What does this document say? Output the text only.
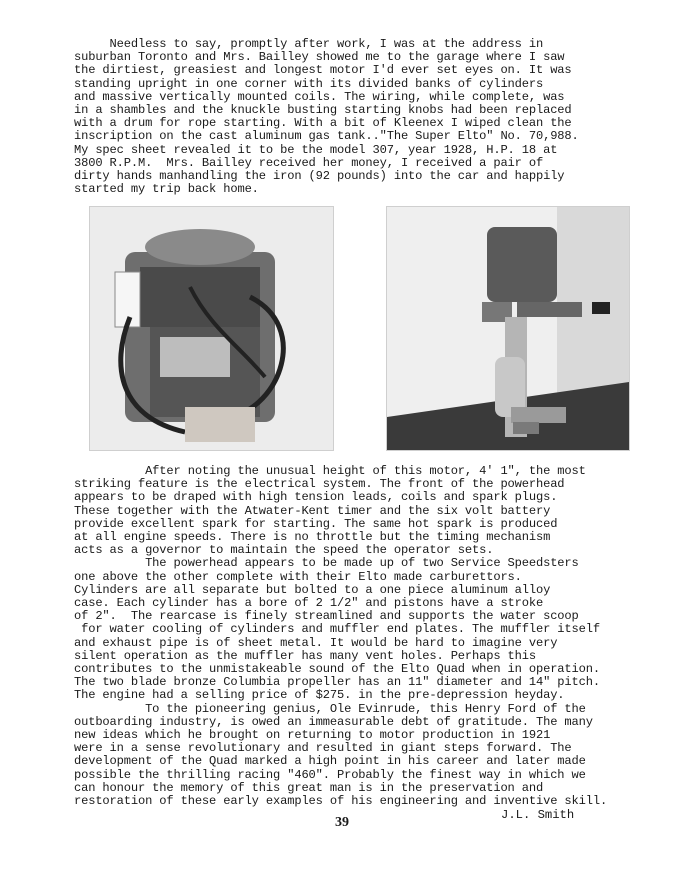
Needless to say, promptly after work, I was at the address in
suburban Toronto and Mrs. Bailley showed me to the garage where I saw
the dirtiest, greasiest and longest motor I'd ever set eyes on. It was
standing upright in one corner with its divided banks of cylinders
and massive vertically mounted coils. The wiring, while complete, was
in a shambles and the knuckle busting starting knobs had been replaced
with a drum for rope starting. With a bit of Kleenex I wiped clean the
inscription on the cast aluminum gas tank.."The Super Elto" No. 70,988.
My spec sheet revealed it to be the model 307, year 1928, H.P. 18 at
3800 R.P.M.  Mrs. Bailley received her money, I received a pair of
dirty hands manhandling the iron (92 pounds) into the car and happily
started my trip back home.
After noting the unusual height of this motor, 4' 1", the most
striking feature is the electrical system. The front of the powerhead
appears to be draped with high tension leads, coils and spark plugs.
These together with the Atwater-Kent timer and the six volt battery
provide excellent spark for starting. The same hot spark is produced
at all engine speeds. There is no throttle but the timing mechanism
acts as a governor to maintain the speed the operator sets.
The powerhead appears to be made up of two Service Speedsters
one above the other complete with their Elto made carburettors.
Cylinders are all separate but bolted to a one piece aluminum alloy
case. Each cylinder has a bore of 2 1/2" and pistons have a stroke
of 2".  The rearcase is finely streamlined and supports the water scoop
for water cooling of cylinders and muffler end plates. The muffler itself
and exhaust pipe is of sheet metal. It would be hard to imagine very
silent operation as the muffler has many vent holes. Perhaps this
contributes to the unmistakeable sound of the Elto Quad when in operation.
The two blade bronze Columbia propeller has an 11" diameter and 14" pitch.
The engine had a selling price of $275. in the pre-depression heyday.
To the pioneering genius, Ole Evinrude, this Henry Ford of the
outboarding industry, is owed an immeasurable debt of gratitude. The many
new ideas which he brought on returning to motor production in 1921
were in a sense revolutionary and resulted in giant steps forward. The
development of the Quad marked a high point in his career and later made
possible the thrilling racing "460". Probably the finest way in which we
can honour the memory of this great man is in the preservation and
restoration of these early examples of his engineering and inventive skill.
39	J.L. Smith
